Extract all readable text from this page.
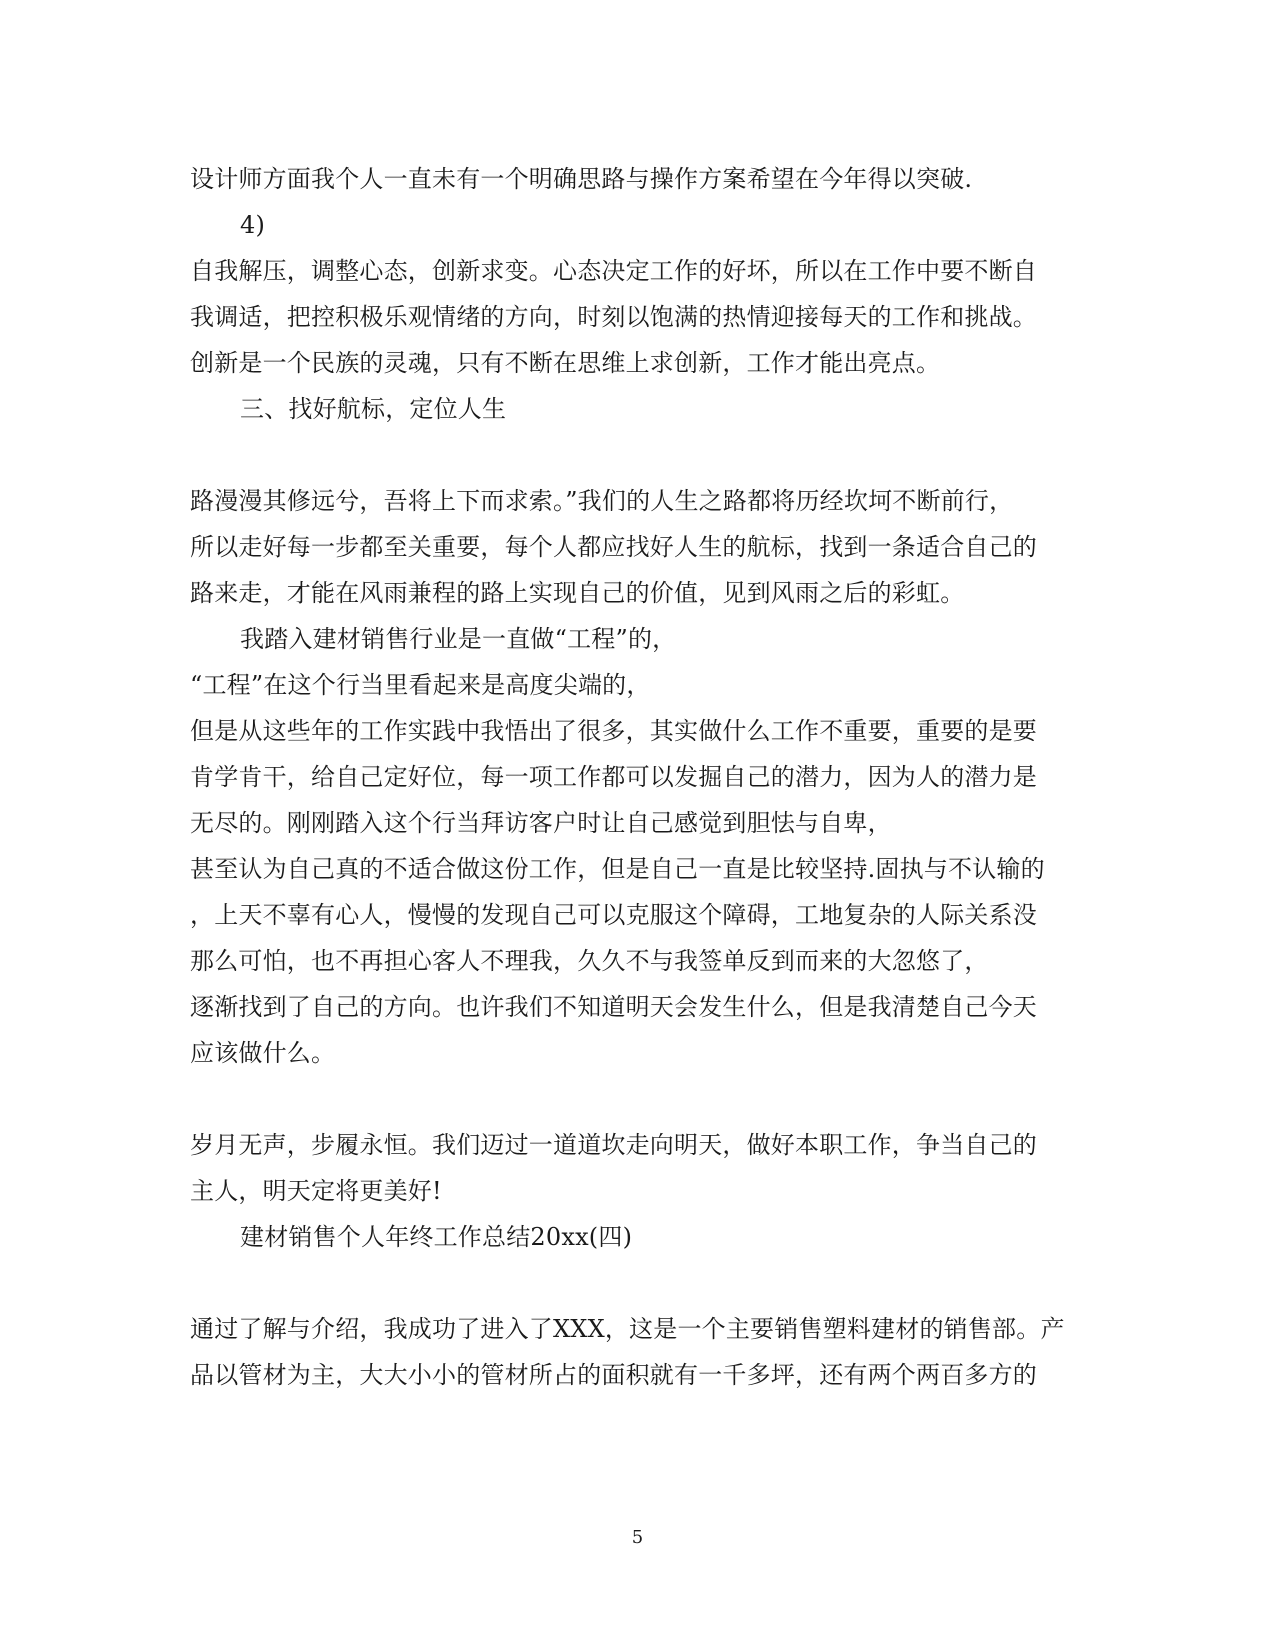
设计师方面我个人一直未有一个明确思路与操作方案希望在今年得以突破.
4)
自我解压，调整心态，创新求变。心态决定工作的好坏，所以在工作中要不断自
我调适，把控积极乐观情绪的方向，时刻以饱满的热情迎接每天的工作和挑战。
创新是一个民族的灵魂，只有不断在思维上求创新，工作才能出亮点。
三、找好航标，定位人生
路漫漫其修远兮，吾将上下而求索。”我们的人生之路都将历经坎坷不断前行，
所以走好每一步都至关重要，每个人都应找好人生的航标，找到一条适合自己的
路来走，才能在风雨兼程的路上实现自己的价值，见到风雨之后的彩虹。
我踏入建材销售行业是一直做“工程”的，
“工程”在这个行当里看起来是高度尖端的，
但是从这些年的工作实践中我悟出了很多，其实做什么工作不重要，重要的是要
肯学肯干，给自己定好位，每一项工作都可以发掘自己的潜力，因为人的潜力是
无尽的。刚刚踏入这个行当拜访客户时让自己感觉到胆怯与自卑，
甚至认为自己真的不适合做这份工作，但是自己一直是比较坚持.固执与不认输的
，上天不辜有心人，慢慢的发现自己可以克服这个障碍，工地复杂的人际关系没
那么可怕，也不再担心客人不理我，久久不与我签单反到而来的大忽悠了，
逐渐找到了自己的方向。也许我们不知道明天会发生什么，但是我清楚自己今天
应该做什么。
岁月无声，步履永恒。我们迈过一道道坎走向明天，做好本职工作，争当自己的
主人，明天定将更美好!
建材销售个人年终工作总结20xx(四)
通过了解与介绍，我成功了进入了XXX，这是一个主要销售塑料建材的销售部。产
品以管材为主，大大小小的管材所占的面积就有一千多坪，还有两个两百多方的
5
